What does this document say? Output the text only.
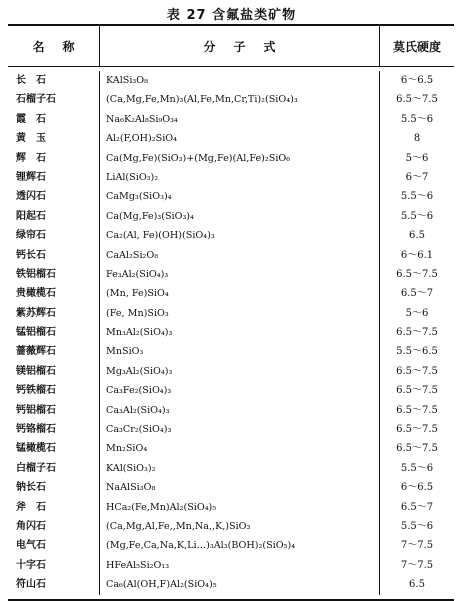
表 27 含氟盐类矿物
名称	分子式	莫氏硬度
长　石
石榴子石
霞　石
黄　玉
辉　石
锂辉石
透闪石
阳起石
绿帘石
钙长石
铁铝榴石
贵橄榄石
紫苏辉石
锰铝榴石
蔷薇辉石
镁铝榴石
钙铁榴石
钙铝榴石
钙铬榴石
锰橄榄石
白榴子石
钠长石
斧　石
角闪石
电气石
十字石
符山石
KAlSi₃O₈
(Ca,Mg,Fe,Mn)₃(Al,Fe,Mn,Cr,Ti)₂(SiO₄)₃
Na₆K₂Al₈Si₉O₃₄
Al₂(F,OH)₂SiO₄
Ca(Mg,Fe)(SiO₃)+(Mg,Fe)(Al,Fe)₂SiO₆
LiAl(SiO₃)₂
CaMg₃(SiO₃)₄
Ca(Mg,Fe)₃(SiO₃)₄
Ca₂(Al, Fe)(OH)(SiO₄)₃
CaAl₂Si₂O₈
Fe₃Al₂(SiO₄)₃
(Mn, Fe)SiO₄
(Fe, Mn)SiO₃
Mn₃Al₂(SiO₄)₃
MnSiO₃
Mg₃Al₂(SiO₄)₃
Ca₃Fe₂(SiO₄)₃
Ca₃Al₂(SiO₄)₃
Ca₃Cr₂(SiO₄)₃
Mn₂SiO₄
KAl(SiO₃)₂
NaAlSi₃O₈
HCa₂(Fe,Mn)Al₂(SiO₄)₅
(Ca,Mg,Al,Fe,,Mn,Na,,K,)SiO₃
(Mg,Fe,Ca,Na,K,Li…)₃Al₃(BOH)₂(SiO₅)₄
HFeAl₅Si₂O₁₃
Ca₆(Al(OH,F)Al₂(SiO₄)₅
6～6.5
6.5～7.5
5.5～6
8
5～6
6～7
5.5～6
5.5～6
6.5
6～6.1
6.5～7.5
6.5～7
5～6
6.5～7.5
5.5～6.5
6.5～7.5
6.5～7.5
6.5～7.5
6.5～7.5
6.5～7.5
5.5～6
6～6.5
6.5～7
5.5～6
7～7.5
7～7.5
6.5
